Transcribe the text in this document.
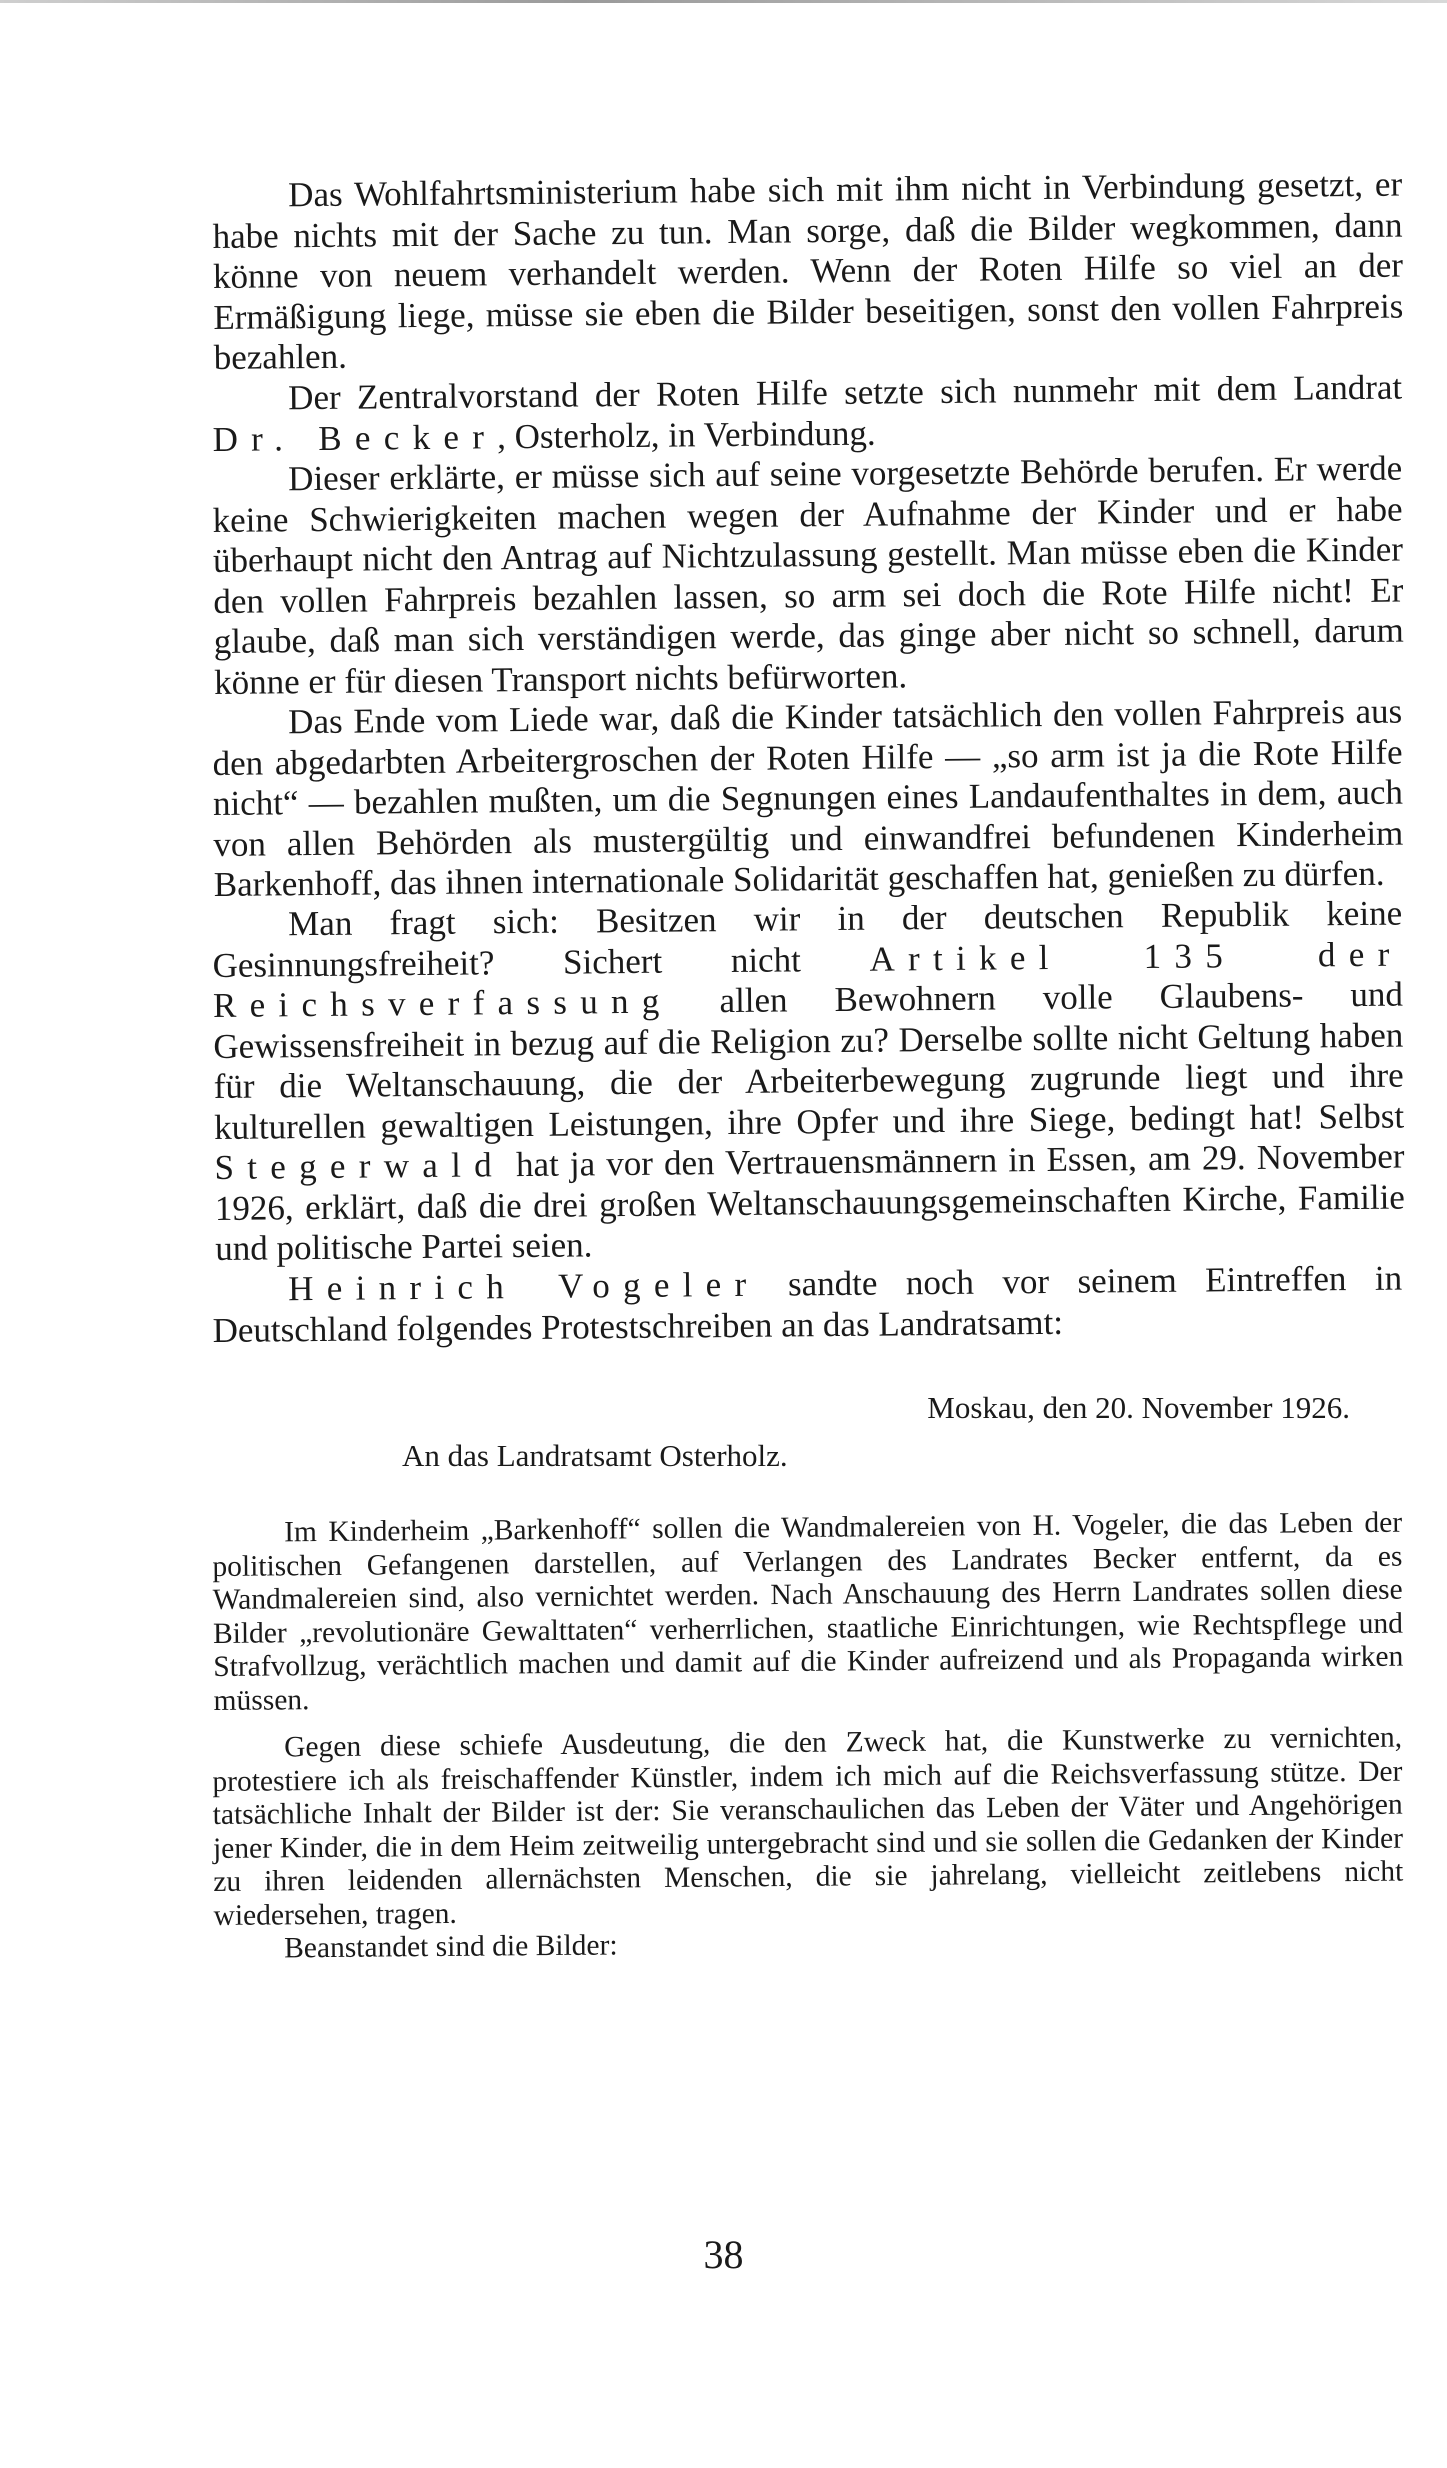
Das Wohlfahrtsministerium habe sich mit ihm nicht in Verbindung gesetzt, er habe nichts mit der Sache zu tun. Man sorge, daß die Bilder wegkommen, dann könne von neuem verhandelt werden. Wenn der Roten Hilfe so viel an der Ermäßigung liege, müsse sie eben die Bilder beseitigen, sonst den vollen Fahrpreis bezahlen.

Der Zentralvorstand der Roten Hilfe setzte sich nunmehr mit dem Landrat Dr. Becker, Osterholz, in Verbindung.

Dieser erklärte, er müsse sich auf seine vorgesetzte Behörde berufen. Er werde keine Schwierigkeiten machen wegen der Aufnahme der Kinder und er habe überhaupt nicht den Antrag auf Nichtzulassung gestellt. Man müsse eben die Kinder den vollen Fahrpreis bezahlen lassen, so arm sei doch die Rote Hilfe nicht! Er glaube, daß man sich verständigen werde, das ginge aber nicht so schnell, darum könne er für diesen Transport nichts befürworten.

Das Ende vom Liede war, daß die Kinder tatsächlich den vollen Fahrpreis aus den abgedarbten Arbeitergroschen der Roten Hilfe — „so arm ist ja die Rote Hilfe nicht“ — bezahlen mußten, um die Segnungen eines Landaufenthaltes in dem, auch von allen Behörden als mustergültig und einwandfrei befundenen Kinderheim Barkenhoff, das ihnen internationale Solidarität geschaffen hat, genießen zu dürfen.

Man fragt sich: Besitzen wir in der deutschen Republik keine Gesinnungsfreiheit? Sichert nicht Artikel 135 der Reichsverfassung allen Bewohnern volle Glaubens- und Gewissensfreiheit in bezug auf die Religion zu? Derselbe sollte nicht Geltung haben für die Weltanschauung, die der Arbeiterbewegung zugrunde liegt und ihre kulturellen gewaltigen Leistungen, ihre Opfer und ihre Siege, bedingt hat! Selbst Stegerwald hat ja vor den Vertrauensmännern in Essen, am 29. November 1926, erklärt, daß die drei großen Weltanschauungsgemeinschaften Kirche, Familie und politische Partei seien.

Heinrich Vogeler sandte noch vor seinem Eintreffen in Deutschland folgendes Protestschreiben an das Landratsamt:

Moskau, den 20. November 1926.
An das Landratsamt Osterholz.

Im Kinderheim „Barkenhoff“ sollen die Wandmalereien von H. Vogeler, die das Leben der politischen Gefangenen darstellen, auf Verlangen des Landrates Becker entfernt, da es Wandmalereien sind, also vernichtet werden. Nach Anschauung des Herrn Landrates sollen diese Bilder „revolutionäre Gewalttaten“ verherrlichen, staatliche Einrichtungen, wie Rechtspflege und Strafvollzug, verächtlich machen und damit auf die Kinder aufreizend und als Propaganda wirken müssen.

Gegen diese schiefe Ausdeutung, die den Zweck hat, die Kunstwerke zu vernichten, protestiere ich als freischaffender Künstler, indem ich mich auf die Reichsverfassung stütze. Der tatsächliche Inhalt der Bilder ist der: Sie veranschaulichen das Leben der Väter und Angehörigen jener Kinder, die in dem Heim zeitweilig untergebracht sind und sie sollen die Gedanken der Kinder zu ihren leidenden allernächsten Menschen, die sie jahrelang, vielleicht zeitlebens nicht wiedersehen, tragen.

Beanstandet sind die Bilder:

38
